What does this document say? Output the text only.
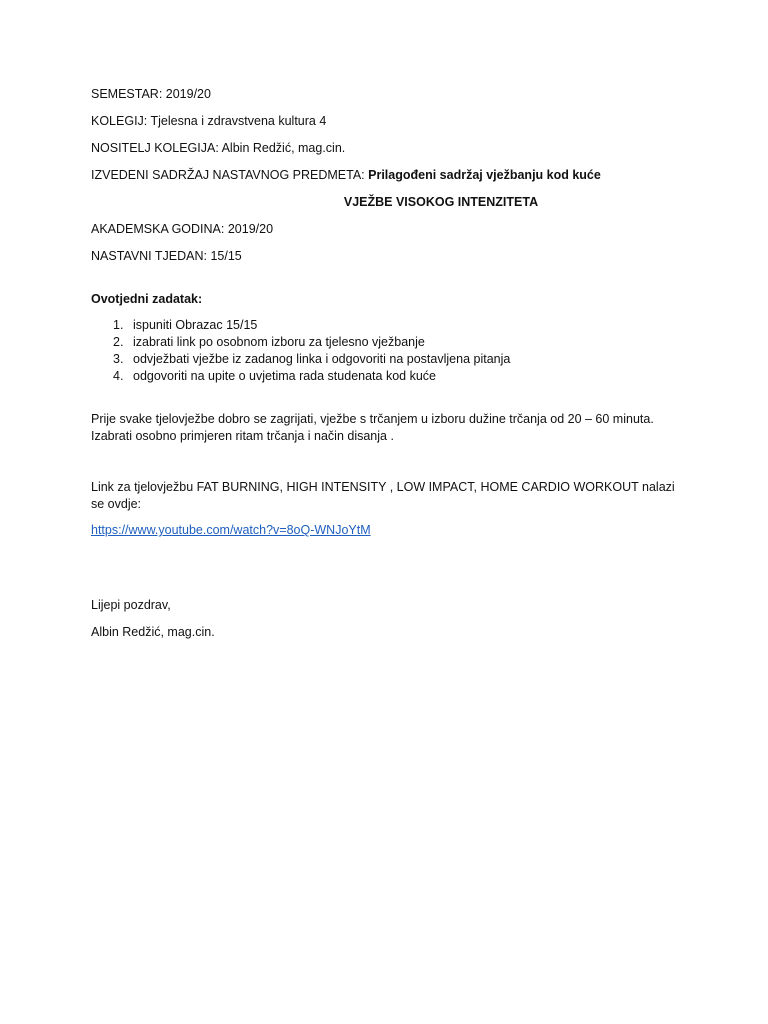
SEMESTAR: 2019/20

KOLEGIJ: Tjelesna i zdravstvena kultura 4

NOSITELJ KOLEGIJA: Albin Redžić, mag.cin.

IZVEDENI SADRŽAJ NASTAVNOG PREDMETA: Prilagođeni sadržaj vježbanju kod kuće

VJEŽBE VISOKOG INTENZITETA

AKADEMSKA GODINA: 2019/20

NASTAVNI TJEDAN: 15/15

Ovotjedni zadatak:

1. ispuniti Obrazac 15/15
2. izabrati link po osobnom izboru za tjelesno vježbanje
3. odvježbati vježbe iz zadanog linka i odgovoriti na postavljena pitanja
4. odgovoriti na upite o uvjetima rada studenata kod kuće

Prije svake tjelovježbe dobro se zagrijati, vježbe s trčanjem u izboru dužine trčanja od 20 – 60 minuta. Izabrati osobno primjeren ritam trčanja i način disanja .

Link za tjelovježbu FAT BURNING, HIGH INTENSITY , LOW IMPACT, HOME CARDIO WORKOUT nalazi se ovdje:

https://www.youtube.com/watch?v=8oQ-WNJoYtM

Lijepi pozdrav,

Albin Redžić, mag.cin.
